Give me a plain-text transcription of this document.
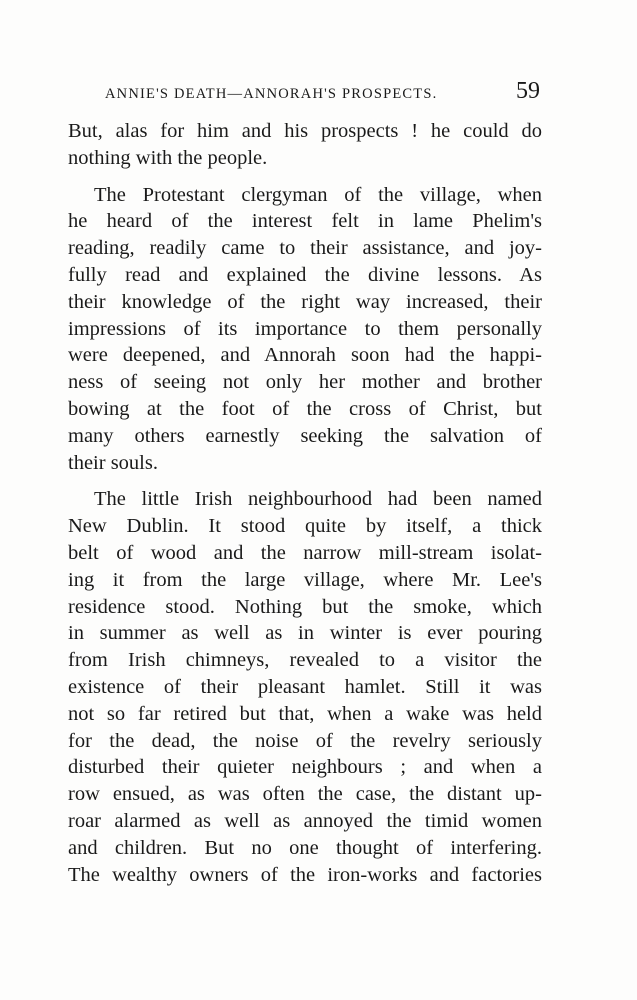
ANNIE'S DEATH—ANNORAH'S PROSPECTS.	59
But, alas for him and his prospects ! he could do
nothing with the people.
The Protestant clergyman of the village, when
he heard of the interest felt in lame Phelim's
reading, readily came to their assistance, and joy-
fully read and explained the divine lessons. As
their knowledge of the right way increased, their
impressions of its importance to them personally
were deepened, and Annorah soon had the happi-
ness of seeing not only her mother and brother
bowing at the foot of the cross of Christ, but
many others earnestly seeking the salvation of
their souls.
The little Irish neighbourhood had been named
New Dublin. It stood quite by itself, a thick
belt of wood and the narrow mill-stream isolat-
ing it from the large village, where Mr. Lee's
residence stood. Nothing but the smoke, which
in summer as well as in winter is ever pouring
from Irish chimneys, revealed to a visitor the
existence of their pleasant hamlet. Still it was
not so far retired but that, when a wake was held
for the dead, the noise of the revelry seriously
disturbed their quieter neighbours ; and when a
row ensued, as was often the case, the distant up-
roar alarmed as well as annoyed the timid women
and children. But no one thought of interfering.
The wealthy owners of the iron-works and factories
